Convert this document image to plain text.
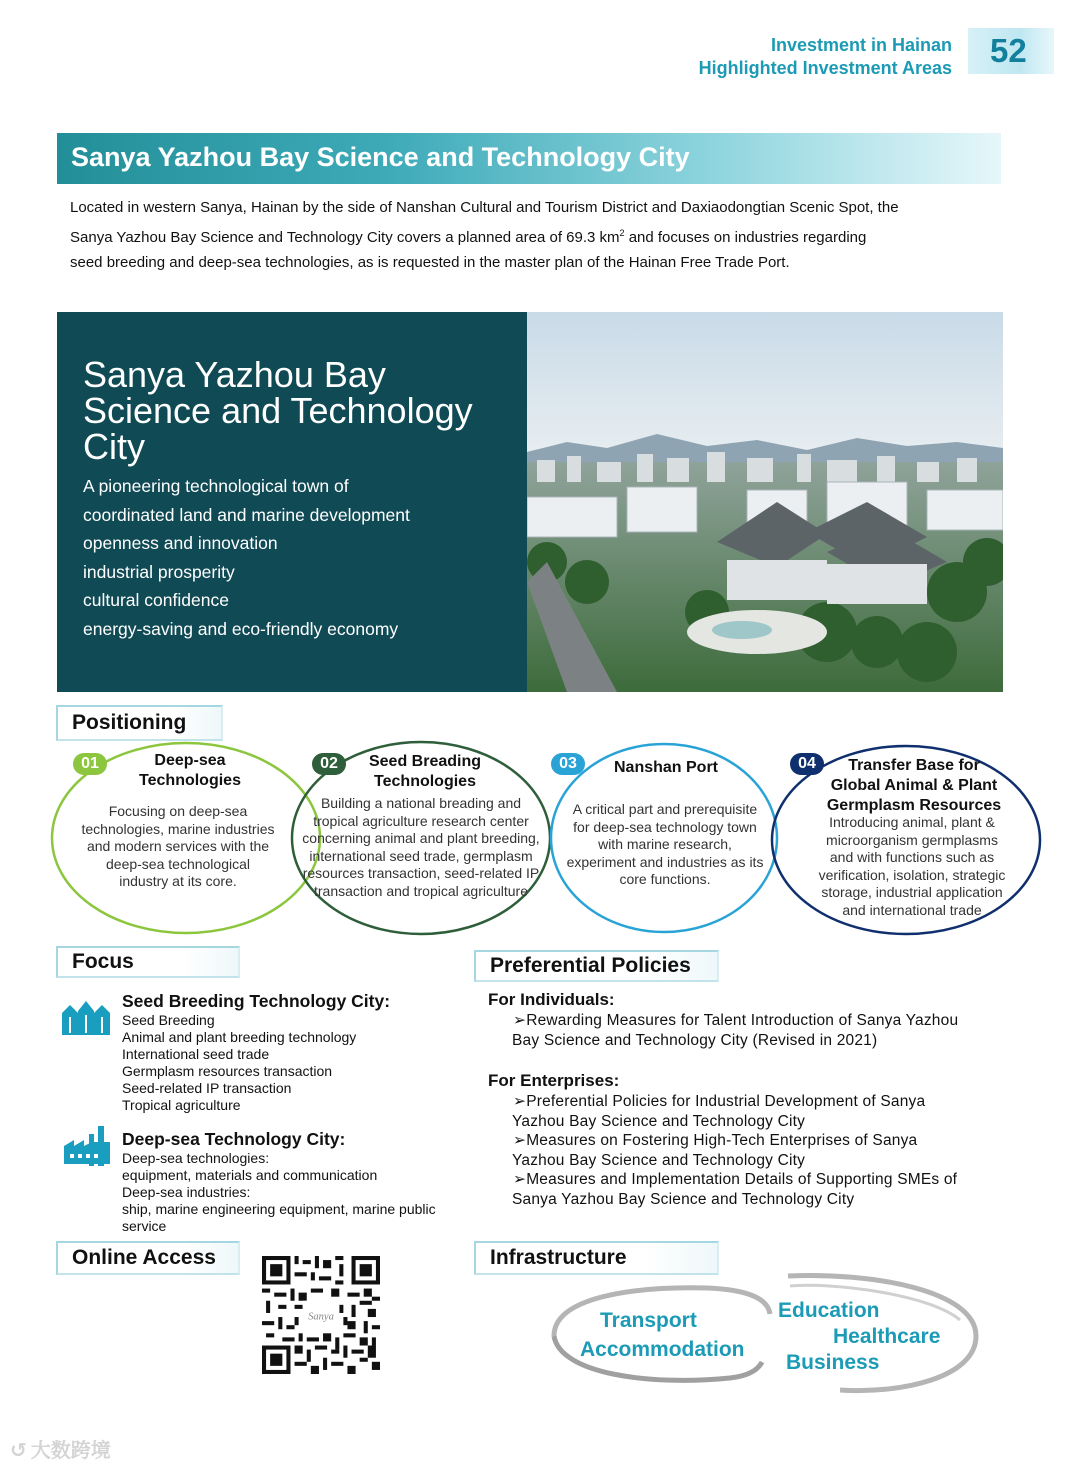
Investment in Hainan
Highlighted Investment Areas 52
Sanya Yazhou Bay Science and Technology City
Located in western Sanya, Hainan by the side of Nanshan Cultural and Tourism District and Daxiaodongtian Scenic Spot, the
Sanya Yazhou Bay Science and Technology City covers a planned area of 69.3 $km^2$ and focuses on industries regarding
seed breeding and deep-sea technologies, as is requested in the master plan of the Hainan Free Trade Port.
Sanya Yazhou Bay
Science and Technology
City
A pioneering technological town of
coordinated land and marine development
openness and innovation
industrial prosperity
cultural confidence
energy-saving and eco-friendly economy
Positioning
01	02	03	04
Deep-sea
Technologies
Focusing on deep-sea
technologies, marine industries
and modern services with the
deep-sea technological
industry at its core.
Seed Breading
Technologies
Building a national breading and
tropical agriculture research center
concerning animal and plant breeding,
international seed trade, germplasm
resources transaction, seed-related IP
transaction and tropical agriculture
Nanshan Port
A critical part and prerequisite
for deep-sea technology town
with marine research,
experiment and industries as its
core functions.
Transfer Base for
Global Animal & Plant
Germplasm Resources
Introducing animal, plant &
microorganism germplasms
and with functions such as
verification, isolation, strategic
storage, industrial application
and international trade
Focus
Seed Breeding Technology City:
Seed Breeding
Animal and plant breeding technology
International seed trade
Germplasm resources transaction
Seed-related IP transaction
Tropical agriculture
Deep-sea Technology City:
Deep-sea technologies:
equipment, materials and communication
Deep-sea industries:
ship, marine engineering equipment, marine public
service
Preferential Policies
For Individuals:
➢Rewarding Measures for Talent Introduction of Sanya Yazhou
Bay Science and Technology City (Revised in 2021)
For Enterprises:
➢Preferential Policies for Industrial Development of Sanya
Yazhou Bay Science and Technology City
➢Measures on Fostering High-Tech Enterprises of Sanya
Yazhou Bay Science and Technology City
➢Measures and Implementation Details of Supporting SMEs of
Sanya Yazhou Bay Science and Technology City
Online Access
Sanya
Infrastructure
Transport
Accommodation
Education
Healthcare
Business
↺ 大数跨境
